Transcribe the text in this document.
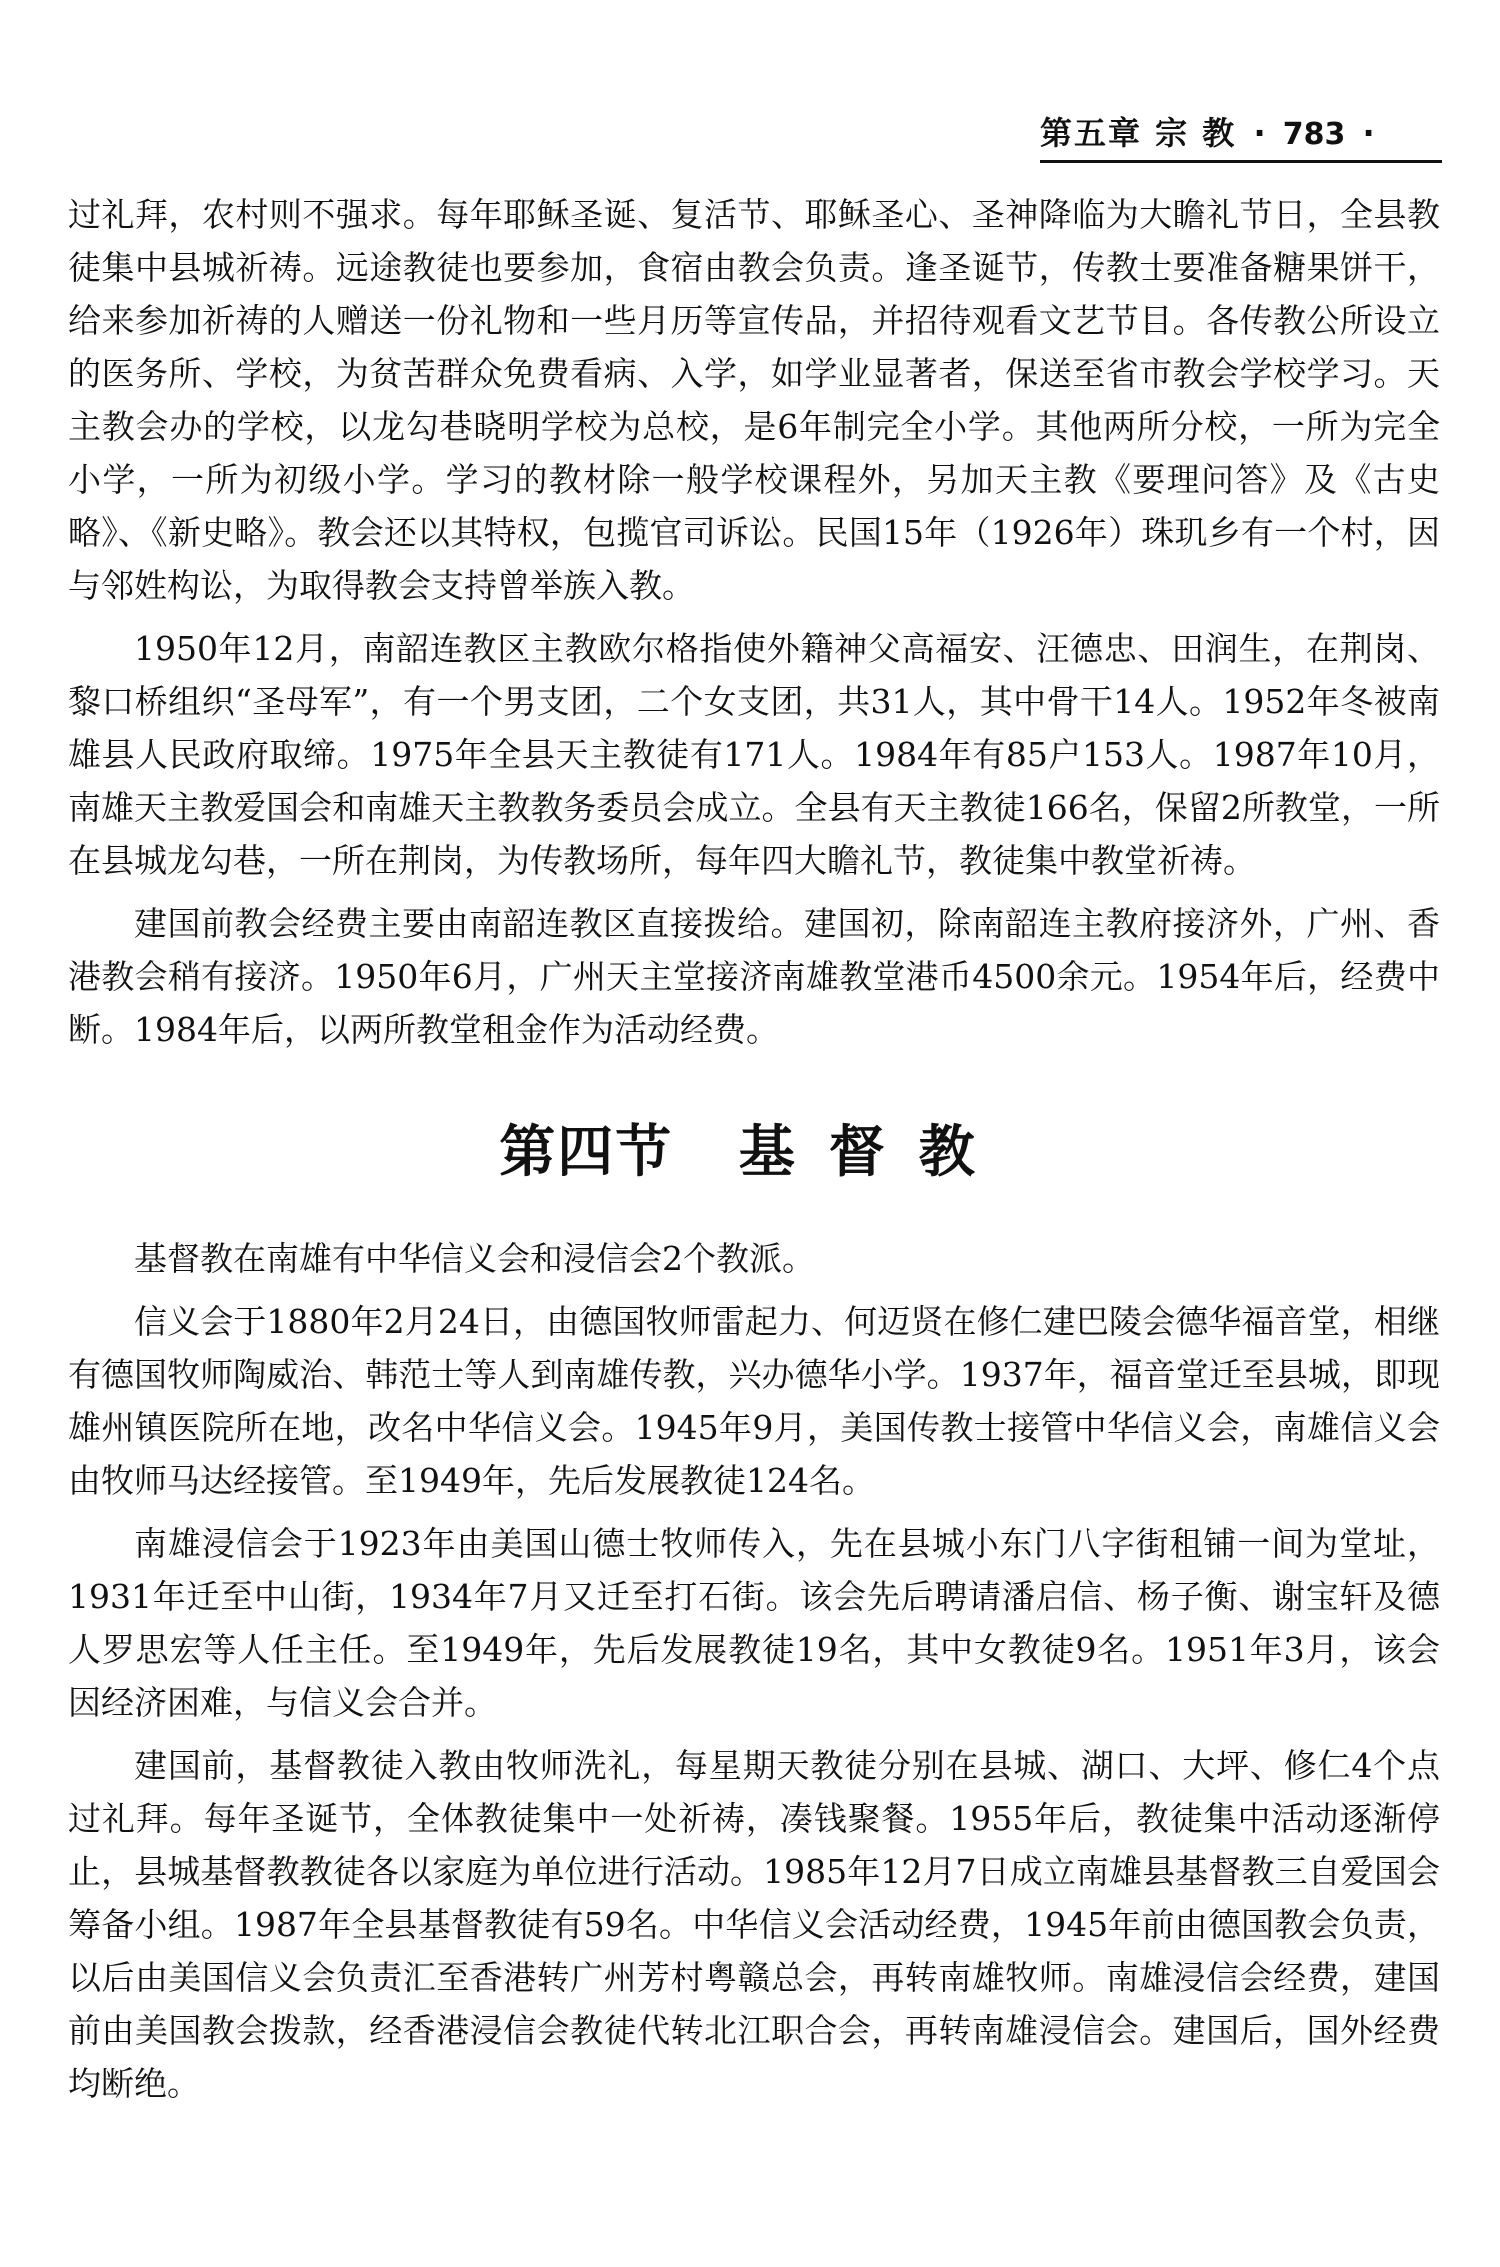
第五章 宗 教 · 783 ·

过礼拜，农村则不强求。每年耶稣圣诞、复活节、耶稣圣心、圣神降临为大瞻礼节日，全县教徒集中县城祈祷。远途教徒也要参加，食宿由教会负责。逢圣诞节，传教士要准备糖果饼干，给来参加祈祷的人赠送一份礼物和一些月历等宣传品，并招待观看文艺节目。各传教公所设立的医务所、学校，为贫苦群众免费看病、入学，如学业显著者，保送至省市教会学校学习。天主教会办的学校，以龙勾巷晓明学校为总校，是6年制完全小学。其他两所分校，一所为完全小学，一所为初级小学。学习的教材除一般学校课程外，另加天主教《要理问答》及《古史略》、《新史略》。教会还以其特权，包揽官司诉讼。民国15年（1926年）珠玑乡有一个村，因与邻姓构讼，为取得教会支持曾举族入教。

1950年12月，南韶连教区主教欧尔格指使外籍神父高福安、汪德忠、田润生，在荆岗、黎口桥组织“圣母军”，有一个男支团，二个女支团，共31人，其中骨干14人。1952年冬被南雄县人民政府取缔。1975年全县天主教徒有171人。1984年有85户153人。1987年10月，南雄天主教爱国会和南雄天主教教务委员会成立。全县有天主教徒166名，保留2所教堂，一所在县城龙勾巷，一所在荆岗，为传教场所，每年四大瞻礼节，教徒集中教堂祈祷。

建国前教会经费主要由南韶连教区直接拨给。建国初，除南韶连主教府接济外，广州、香港教会稍有接济。1950年6月，广州天主堂接济南雄教堂港币4500余元。1954年后，经费中断。1984年后，以两所教堂租金作为活动经费。

第四节 基督教

基督教在南雄有中华信义会和浸信会2个教派。

信义会于1880年2月24日，由德国牧师雷起力、何迈贤在修仁建巴陵会德华福音堂，相继有德国牧师陶威治、韩范士等人到南雄传教，兴办德华小学。1937年，福音堂迁至县城，即现雄州镇医院所在地，改名中华信义会。1945年9月，美国传教士接管中华信义会，南雄信义会由牧师马达经接管。至1949年，先后发展教徒124名。

南雄浸信会于1923年由美国山德士牧师传入，先在县城小东门八字街租铺一间为堂址，1931年迁至中山街，1934年7月又迁至打石街。该会先后聘请潘启信、杨子衡、谢宝轩及德人罗思宏等人任主任。至1949年，先后发展教徒19名，其中女教徒9名。1951年3月，该会因经济困难，与信义会合并。

建国前，基督教徒入教由牧师洗礼，每星期天教徒分别在县城、湖口、大坪、修仁4个点过礼拜。每年圣诞节，全体教徒集中一处祈祷，凑钱聚餐。1955年后，教徒集中活动逐渐停止，县城基督教教徒各以家庭为单位进行活动。1985年12月7日成立南雄县基督教三自爱国会筹备小组。1987年全县基督教徒有59名。中华信义会活动经费，1945年前由德国教会负责，以后由美国信义会负责汇至香港转广州芳村粤赣总会，再转南雄牧师。南雄浸信会经费，建国前由美国教会拨款，经香港浸信会教徒代转北江职合会，再转南雄浸信会。建国后，国外经费均断绝。
